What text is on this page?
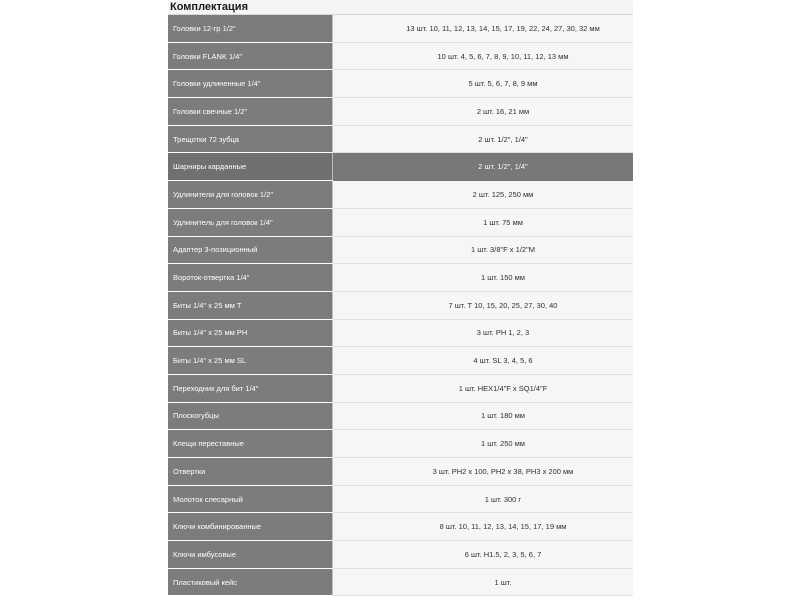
Комплектация
Головки 12-гр 1/2"	13 шт. 10, 11, 12, 13, 14, 15, 17, 19, 22, 24, 27, 30, 32 мм
Головки FLANK 1/4"	10 шт. 4, 5, 6, 7, 8, 9, 10, 11, 12, 13 мм
Головки удлиненные 1/4"	5 шт. 5, 6, 7, 8, 9 мм
Головки свечные 1/2"	2 шт. 16, 21 мм
Трещотки 72 зубца	2 шт. 1/2", 1/4"
Шарниры карданные	2 шт. 1/2", 1/4"
Удлинители для головок 1/2"	2 шт. 125, 250 мм
Удлинитель для головок 1/4"	1 шт. 75 мм
Адаптер 3-позиционный	1 шт. 3/8"F x 1/2"M
Вороток-отвертка 1/4"	1 шт. 150 мм
Биты 1/4" x 25 мм T	7 шт. T 10, 15, 20, 25, 27, 30, 40
Биты 1/4" x 25 мм PH	3 шт. PH 1, 2, 3
Биты 1/4" x 25 мм SL	4 шт. SL 3, 4, 5, 6
Переходник для бит 1/4"	1 шт. HEX1/4"F x SQ1/4"F
Плоскогубцы	1 шт. 180 мм
Клещи переставные	1 шт. 250 мм
Отвертки	3 шт. PH2 x 100, PH2 x 38, PH3 x 200 мм
Молоток слесарный	1 шт. 300 г
Ключи комбинированные	8 шт. 10, 11, 12, 13, 14, 15, 17, 19 мм
Ключи имбусовые	6 шт. H1.5, 2, 3, 5, 6, 7
Пластиковый кейс	1 шт.
